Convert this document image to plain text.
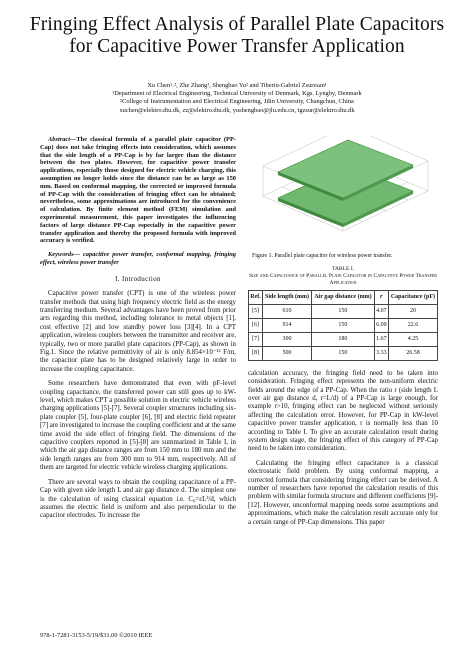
Fringing Effect Analysis of Parallel Plate Capacitors
for Capacitive Power Transfer Application
Xu Chen¹˒², Zhe Zhang¹, Shengbao Yu² and Tiberiu-Gabriel Zsurzsan¹
¹Department of Electrical Engineering, Technical University of Denmark, Kgs. Lyngby, Denmark
²College of Instrumentation and Electrical Engineering, Jilin University, Changchun, China
xuchen@elektro.dtu.dk, zz@elektro.dtu.dk, yushengbao@jlu.edu.cn, tgzsur@elektro.dtu.dk

Abstract—The classical formula of a parallel plate capacitor (PP-Cap) does not take fringing effects into consideration, which assumes that the side length of a PP-Cap is by far larger than the distance between the two plates. However, for capacitive power transfer applications, especially those designed for electric vehicle charging, this assumption no longer holds since the distance can be as large as 150 mm. Based on conformal mapping, the corrected or improved formula of PP-Cap with the consideration of fringing effect can be obtained; nevertheless, some approximations are introduced for the convenience of calculation. By finite element method (FEM) simulation and experimental measurement, this paper investigates the influencing factors of large distance PP-Cap especially in the capacitive power transfer application and thereby the proposed formula with improved accuracy is verified.

Keywords— capacitive power transfer, conformal mapping, fringing effect, wireless power transfer

I. Introduction

Capacitive power transfer (CPT) is one of the wireless power transfer methods that using high frequency electric field as the energy transferring medium. Several advantages have been proved from prior arts regarding this method, including tolerance to metal objects [1], cost effective [2] and low standby power loss [3][4]. In a CPT application, wireless couplers between the transmitter and receiver are, typically, two or more parallel plate capacitors (PP-Cap), as shown in Fig.1. Since the relative permittivity of air is only 8.854×10⁻¹² F/m, the capacitor plate has to be designed relatively large in order to increase the coupling capacitance.

Some researchers have demonstrated that even with pF-level coupling capacitance, the transferred power can still goes up to kW-level, which makes CPT a possible solution in electric vehicle wireless charging applications [5]-[7]. Several coupler structures including six-plate coupler [5], four-plate coupler [6], [8] and electric field repeater [7] are investigated to increase the coupling coefficient and at the same time avoid the side effect of fringing field. The dimensions of the capacitive couplers reported in [5]-[8] are summarized in Table I, in which the air gap distance ranges are from 150 mm to 180 mm and the side length ranges are from 300 mm to 914 mm, respectively. All of them are targeted for electric vehicle wireless charging applications.

There are several ways to obtain the coupling capacitance of a PP-Cap with given side length L and air gap distance d. The simplest one is the calculation of using classical equation i.e. C₀=εL²/d, which assumes the electric field is uniform and also perpendicular to the capacitor electrodes. To increase the

Figure 1. Parallel plate capacitor for wireless power transfer.
TABLE I.
Size and Capacitance of Parallel Plate Capacitor in Capacitive Power Transfer Application
Ref.	Side length (mm)	Air gap distance (mm)	r	Capacitance (pF)
[5]	610	150	4.07	20
[6]	914	150	6.09	22.6
[7]	300	180	1.67	4.25
[8]	500	150	3.33	26.58

calculation accuracy, the fringing field need to be taken into consideration. Fringing effect represents the non-uniform electric fields around the edge of a PP-Cap. When the ratio r (side length L over air gap distance d, r=L/d) of a PP-Cap is large enough, for example r>10, fringing effect can be neglected without seriously affecting the calculation error. However, for PP-Cap in kW-level capacitive power transfer application, r is normally less than 10 according to Table I. To give an accurate calculation result during system design stage, the fringing effect of this category of PP-Cap need to be taken into consideration.

Calculating the fringing effect capacitance is a classical electrostatic field problem. By using conformal mapping, a corrected formula that considering fringing effect can be derived. A number of researchers have reported the calculation results of this problem with similar formula structure and different coefficients [9]-[12]. However, unconformal mapping needs some assumptions and approximations, which make the calculation result accurate only for a certain range of PP-Cap dimensions. This paper

978-1-7281-3153-5/19/$31.00 ©2019 IEEE
